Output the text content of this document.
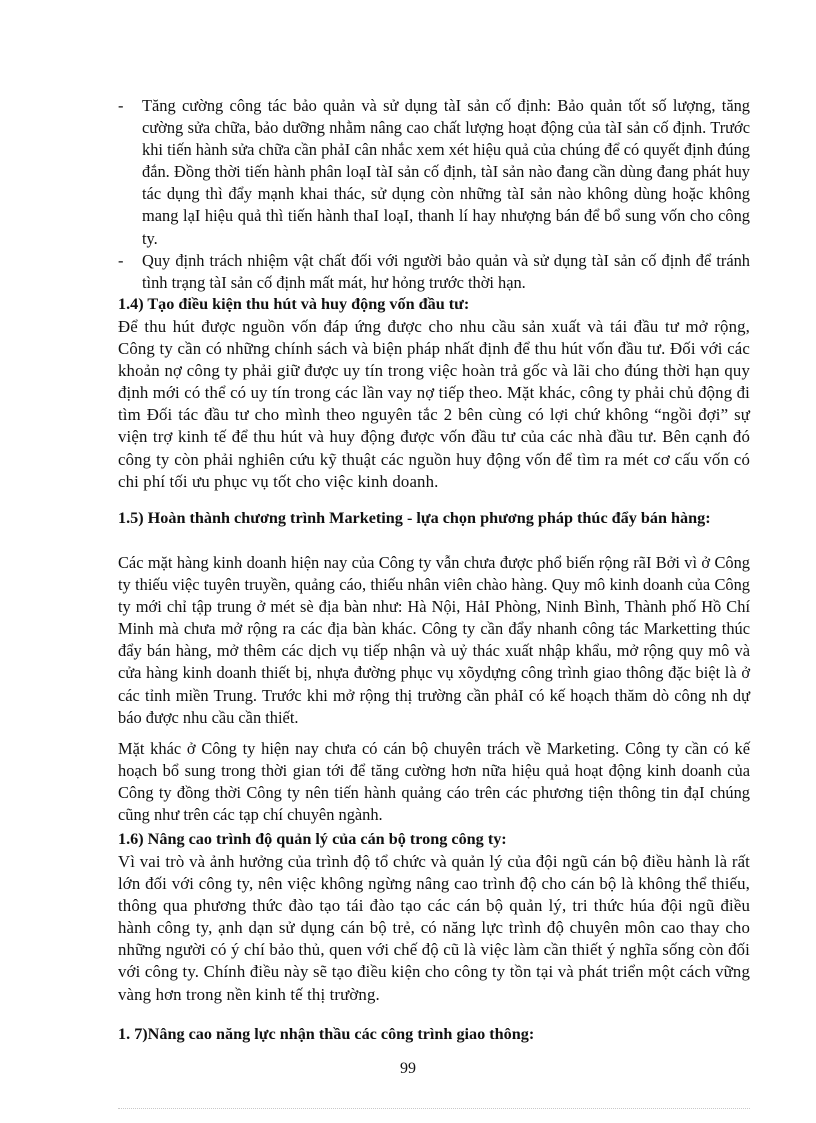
- Tăng cường công tác bảo quản và sử dụng tàI sản cố định: Bảo quản tốt số lượng, tăng cường sửa chữa, bảo dưỡng nhằm nâng cao chất lượng hoạt động của tàI sản cố định. Trước khi tiến hành sửa chữa cần phảI cân nhắc xem xét hiệu quả của chúng để có quyết định đúng đắn. Đồng thời tiến hành phân loạI tàI sản cố định, tàI sản nào đang cần dùng đang phát huy tác dụng thì đẩy mạnh khai thác, sử dụng còn những tàI sản nào không dùng hoặc không mang lạI hiệu quả thì tiến hành thaI loạI, thanh lí hay nhượng bán để bổ sung vốn cho công ty.
- Quy định trách nhiệm vật chất đối với người bảo quản và sử dụng tàI sản cố định để tránh tình trạng tàI sản cố định mất mát, hư hỏng trước thời hạn.
1.4) Tạo điều kiện thu hút và huy động vốn đầu tư:
Để thu hút được nguồn vốn đáp ứng được cho nhu cầu sản xuất và tái đầu tư mở rộng, Công ty cần có những chính sách và biện pháp nhất định để thu hút vốn đầu tư. Đối với các khoản nợ công ty phải giữ được uy tín trong việc hoàn trả gốc và lãi cho đúng thời hạn quy định mới có thể có uy tín trong các lần vay nợ tiếp theo. Mặt khác, công ty phải chủ động đi tìm Đối tác đầu tư cho mình theo nguyên tắc 2 bên cùng có lợi chứ không “ngồi đợi” sự viện trợ kinh tế để thu hút và huy động được vốn đầu tư của các nhà đầu tư. Bên cạnh đó công ty còn phải nghiên cứu kỹ thuật các nguồn huy động vốn để tìm ra mét cơ cấu vốn có chi phí tối ưu phục vụ tốt cho việc kinh doanh.
1.5) Hoàn thành chương trình Marketing - lựa chọn phương pháp thúc đẩy bán hàng:
Các mặt hàng kinh doanh hiện nay của Công ty vẫn chưa được phổ biến rộng rãI Bởi vì ở Công ty thiếu việc tuyên truyền, quảng cáo, thiếu nhân viên chào hàng. Quy mô kinh doanh của Công ty mới chỉ tập trung ở mét sè địa bàn như: Hà Nội, HảI Phòng, Ninh Bình, Thành phố Hồ Chí Minh mà chưa mở rộng ra các địa bàn khác. Công ty cần đẩy nhanh công tác Marketting thúc đẩy bán hàng, mở thêm các dịch vụ tiếp nhận và uỷ thác xuất nhập khẩu, mở rộng quy mô và cửa hàng kinh doanh thiết bị, nhựa đường phục vụ xõydựng công trình giao thông đặc biệt là ở các tỉnh miền Trung. Trước khi mở rộng thị trường cần phảI có kế hoạch thăm dò công nh dự báo được nhu cầu cần thiết.
Mặt khác ở Công ty hiện nay chưa có cán bộ chuyên trách về Marketing. Công ty cần có kế hoạch bổ sung trong thời gian tới để tăng cường hơn nữa hiệu quả hoạt động kinh doanh của Công ty đồng thời Công ty nên tiến hành quảng cáo trên các phương tiện thông tin đạI chúng cũng như trên các tạp chí chuyên ngành.
1.6) Nâng cao trình độ quản lý của cán bộ trong công ty:
Vì vai trò và ảnh hưởng của trình độ tổ chức và quản lý của đội ngũ cán bộ điều hành là rất lớn đối với công ty, nên việc không ngừng nâng cao trình độ cho cán bộ là không thể thiếu, thông qua phương thức đào tạo tái đào tạo các cán bộ quản lý, tri thức húa đội ngũ điều hành công ty, ạnh dạn sử dụng cán bộ trẻ, có năng lực trình độ chuyên môn cao thay cho những người có ý chí bảo thủ, quen với chế độ cũ là việc làm cần thiết ý nghĩa sống còn đối với công ty. Chính điều này sẽ tạo điều kiện cho công ty tồn tại và phát triển một cách vững vàng hơn trong nền kinh tế thị trường.
1. 7)Nâng cao năng lực nhận thầu các công trình giao thông:
99
